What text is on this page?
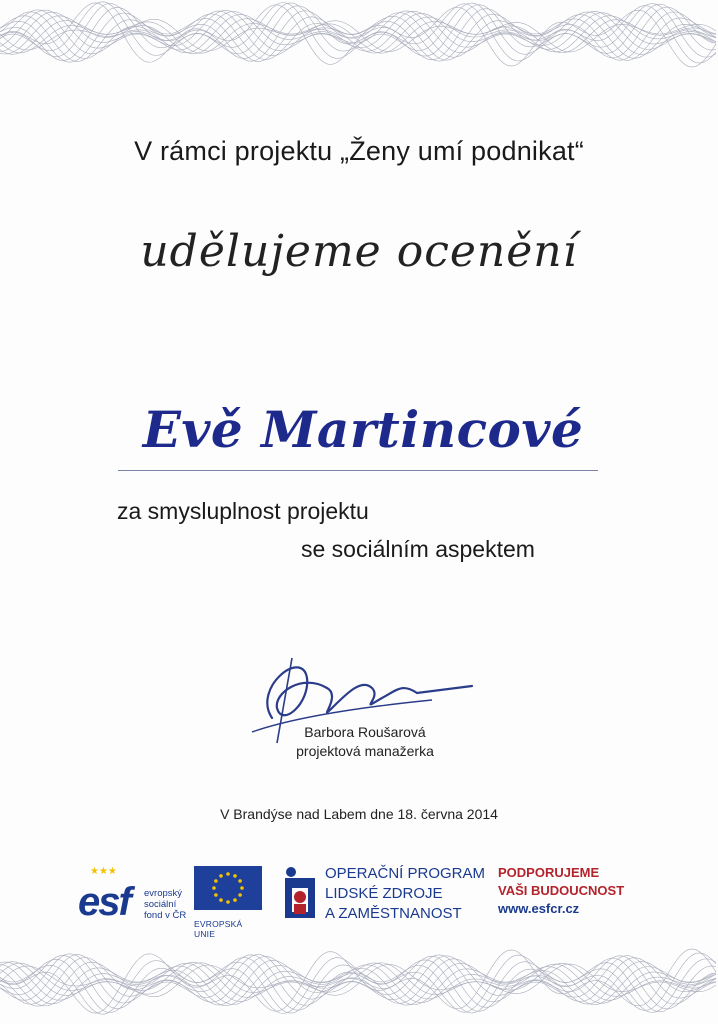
V rámci projektu „Ženy umí podnikat“
udělujeme ocenění
Evě Martincové
za smysluplnost projektu
se sociálním aspektem
Barbora Roušarová
projektová manažerka
V Brandýse nad Labem dne 18. června 2014
★★★
esf evropský
sociální
fond v ČR
EVROPSKÁ UNIE
OPERAČNÍ PROGRAM
LIDSKÉ ZDROJE
A ZAMĚSTNANOST
PODPORUJEME
VAŠI BUDOUCNOST
www.esfcr.cz
